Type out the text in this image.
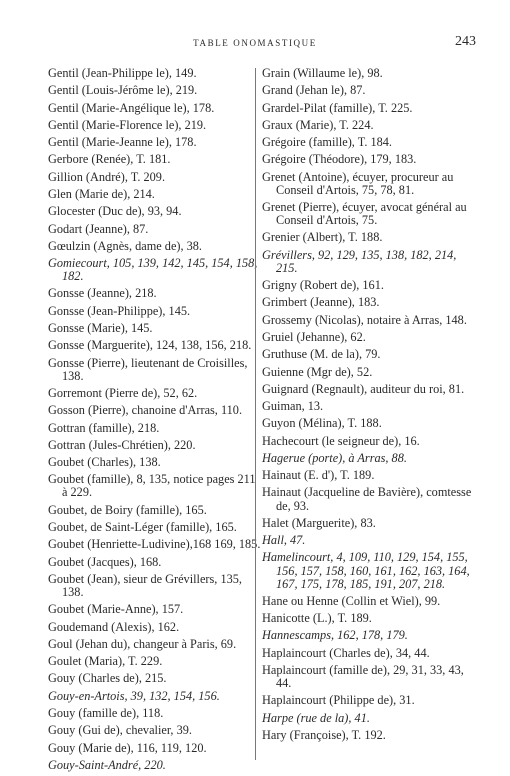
TABLE ONOMASTIQUE	243
Gentil (Jean-Philippe le), 149.
Gentil (Louis-Jérôme le), 219.
Gentil (Marie-Angélique le), 178.
Gentil (Marie-Florence le), 219.
Gentil (Marie-Jeanne le), 178.
Gerbore (Renée), T. 181.
Gillion (André), T. 209.
Glen (Marie de), 214.
Glocester (Duc de), 93, 94.
Godart (Jeanne), 87.
Gœulzin (Agnès, dame de), 38.
Gomiecourt, 105, 139, 142, 145, 154, 158, 182.
Gonsse (Jeanne), 218.
Gonsse (Jean-Philippe), 145.
Gonsse (Marie), 145.
Gonsse (Marguerite), 124, 138, 156, 218.
Gonsse (Pierre), lieutenant de Croisilles, 138.
Gorremont (Pierre de), 52, 62.
Gosson (Pierre), chanoine d'Arras, 110.
Gottran (famille), 218.
Gottran (Jules-Chrétien), 220.
Goubet (Charles), 138.
Goubet (famille), 8, 135, notice pages 211 à 229.
Goubet, de Boiry (famille), 165.
Goubet, de Saint-Léger (famille), 165.
Goubet (Henriette-Ludivine),168 169, 185.
Goubet (Jacques), 168.
Goubet (Jean), sieur de Grévillers, 135, 138.
Goubet (Marie-Anne), 157.
Goudemand (Alexis), 162.
Goul (Jehan du), changeur à Paris, 69.
Goulet (Maria), T. 229.
Gouy (Charles de), 215.
Gouy-en-Artois, 39, 132, 154, 156.
Gouy (famille de), 118.
Gouy (Gui de), chevalier, 39.
Gouy (Marie de), 116, 119, 120.
Gouy-Saint-André, 220.
Grain (Willaume le), 98.
Grand (Jehan le), 87.
Grardel-Pilat (famille), T. 225.
Graux (Marie), T. 224.
Grégoire (famille), T. 184.
Grégoire (Théodore), 179, 183.
Grenet (Antoine), écuyer, procureur au Conseil d'Artois, 75, 78, 81.
Grenet (Pierre), écuyer, avocat général au Conseil d'Artois, 75.
Grenier (Albert), T. 188.
Grévillers, 92, 129, 135, 138, 182, 214, 215.
Grigny (Robert de), 161.
Grimbert (Jeanne), 183.
Grossemy (Nicolas), notaire à Arras, 148.
Gruiel (Jehanne), 62.
Gruthuse (M. de la), 79.
Guienne (Mgr de), 52.
Guignard (Regnault), auditeur du roi, 81.
Guiman, 13.
Guyon (Mélina), T. 188.
Hachecourt (le seigneur de), 16.
Hagerue (porte), à Arras, 88.
Hainaut (E. d'), T. 189.
Hainaut (Jacqueline de Bavière), comtesse de, 93.
Halet (Marguerite), 83.
Hall, 47.
Hamelincourt, 4, 109, 110, 129, 154, 155, 156, 157, 158, 160, 161, 162, 163, 164, 167, 175, 178, 185, 191, 207, 218.
Hane ou Henne (Collin et Wiel), 99.
Hanicotte (L.), T. 189.
Hannescamps, 162, 178, 179.
Haplaincourt (Charles de), 34, 44.
Haplaincourt (famille de), 29, 31, 33, 43, 44.
Haplaincourt (Philippe de), 31.
Harpe (rue de la), 41.
Hary (Françoise), T. 192.
